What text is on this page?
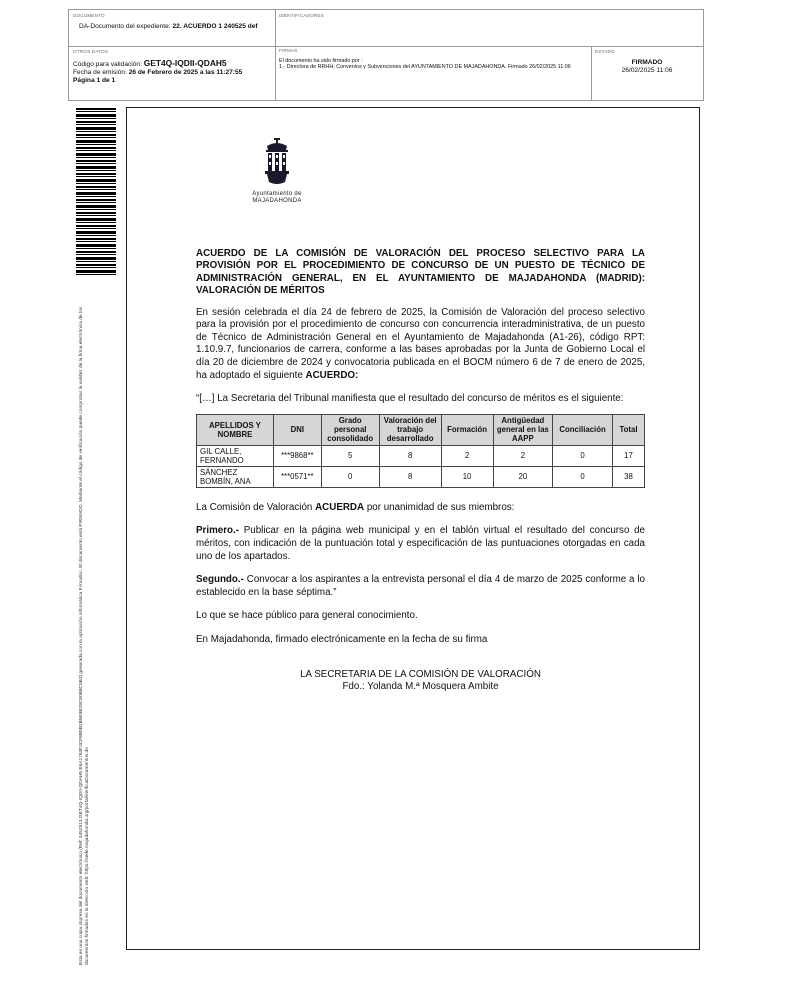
DOCUMENTO
DA-Documento del expediente: 22. ACUERDO 1 240525 def
IDENTIFICADORES
OTROS DATOS
Código para validación: GET4Q-IQDII-QDAH5
Fecha de emisión: 26 de Febrero de 2025 a las 11:27:55
Página 1 de 1
FIRMAS
El documento ha sido firmado por :
1.- Directora de RRHH, Convenios y Subvenciones del AYUNTAMIENTO DE MAJADAHONDA. Firmado 26/02/2025 11:06
ESTADO
FIRMADO
26/02/2025 11:06
Esta es una copia impresa del documento electrónico (Ref: 3452513 GET4Q-IQDII-QDAH5 E6A1763F3CF8B5B2B5E9B29C80B8C5B3) generada con la aplicación informática Firmadoc. El documento está FIRMADO. Mediante el código de verificación puede comprobar la validez de la firma electrónica de los documentos firmados en la dirección web: https://sede.majadahonda.org/portal/verificaDocumentos.do
Ayuntamiento de
MAJADAHONDA
ACUERDO DE LA COMISIÓN DE VALORACIÓN DEL PROCESO SELECTIVO PARA LA PROVISIÓN POR EL PROCEDIMIENTO DE CONCURSO DE UN PUESTO DE TÉCNICO DE ADMINISTRACIÓN GENERAL, EN EL AYUNTAMIENTO DE MAJADAHONDA (MADRID): VALORACIÓN DE MÉRITOS

En sesión celebrada el día 24 de febrero de 2025, la Comisión de Valoración del proceso selectivo para la provisión por el procedimiento de concurso con concurrencia interadministrativa, de un puesto de Técnico de Administración General en el Ayuntamiento de Majadahonda (A1-26), código RPT: 1.10.9.7, funcionarios de carrera, conforme a las bases aprobadas por la Junta de Gobierno Local el día 20 de diciembre de 2024 y convocatoria publicada en el BOCM número 6 de 7 de enero de 2025, ha adoptado el siguiente ACUERDO:

“[…] La Secretaria del Tribunal manifiesta que el resultado del concurso de méritos es el siguiente:

APELLIDOS Y NOMBRE	DNI	Grado personal consolidado	Valoración del trabajo desarrollado	Formación	Antigüedad general en las AAPP	Conciliación	Total
GIL CALLE, FERNANDO	***9868**	5	8	2	2	0	17
SÁNCHEZ BOMBÍN, ANA	***0571**	0	8	10	20	0	38

La Comisión de Valoración ACUERDA por unanimidad de sus miembros:

Primero.- Publicar en la página web municipal y en el tablón virtual el resultado del concurso de méritos, con indicación de la puntuación total y especificación de las puntuaciones otorgadas en cada uno de los apartados.

Segundo.- Convocar a los aspirantes a la entrevista personal el día 4 de marzo de 2025 conforme a lo establecido en la base séptima.”

Lo que se hace público para general conocimiento.

En Majadahonda, firmado electrónicamente en la fecha de su firma

LA SECRETARIA DE LA COMISIÓN DE VALORACIÓN
Fdo.: Yolanda M.ª Mosquera Ambite
